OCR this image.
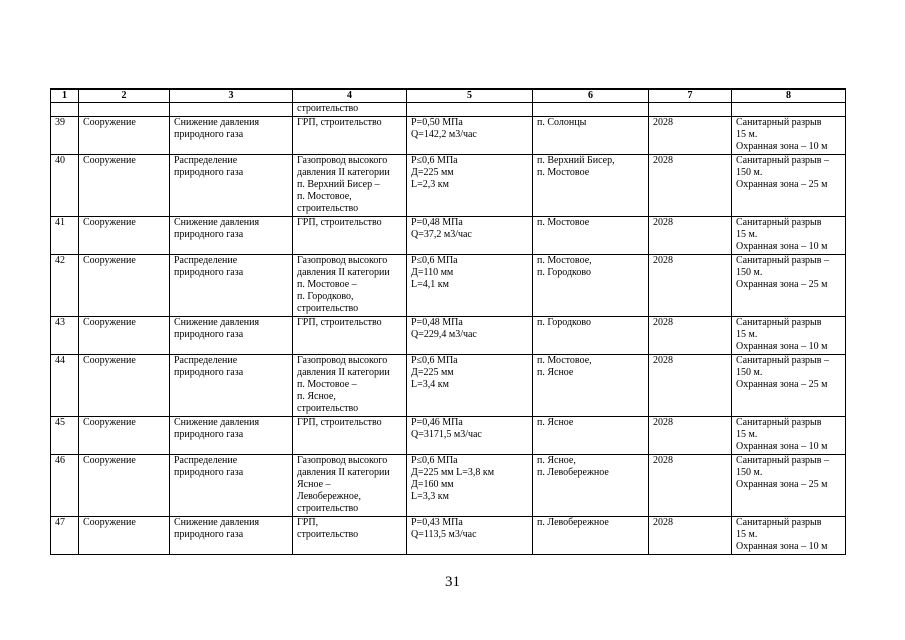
1	2	3	4	5	6	7	8

			строительство				

39	Сооружение	Снижение давления
природного газа	ГРП, строительство	Р=0,50 МПа
Q=142,2 м3/час	п. Солонцы	2028	Санитарный разрыв
15 м.
Охранная зона – 10 м

40	Сооружение	Распределение
природного газа	Газопровод высокого
давления II категории
п. Верхний Бисер –
п. Мостовое,
строительство	Р≤0,6 МПа
Д=225 мм
L=2,3 км	п. Верхний Бисер,
п. Мостовое	2028	Санитарный разрыв –
150 м.
Охранная зона – 25 м

41	Сооружение	Снижение давления
природного газа	ГРП, строительство	Р=0,48 МПа
Q=37,2 м3/час	п. Мостовое	2028	Санитарный разрыв
15 м.
Охранная зона – 10 м

42	Сооружение	Распределение
природного газа	Газопровод высокого
давления II категории
п. Мостовое –
п. Городково,
строительство	Р≤0,6 МПа
Д=110 мм
L=4,1 км	п. Мостовое,
п. Городково	2028	Санитарный разрыв –
150 м.
Охранная зона – 25 м

43	Сооружение	Снижение давления
природного газа	ГРП, строительство	Р=0,48 МПа
Q=229,4 м3/час	п. Городково	2028	Санитарный разрыв
15 м.
Охранная зона – 10 м

44	Сооружение	Распределение
природного газа	Газопровод высокого
давления II категории
п. Мостовое –
п. Ясное,
строительство	Р≤0,6 МПа
Д=225 мм
L=3,4 км	п. Мостовое,
п. Ясное	2028	Санитарный разрыв –
150 м.
Охранная зона – 25 м

45	Сооружение	Снижение давления
природного газа	ГРП, строительство	Р=0,46 МПа
Q=3171,5 м3/час	п. Ясное	2028	Санитарный разрыв
15 м.
Охранная зона – 10 м

46	Сооружение	Распределение
природного газа	Газопровод высокого
давления II категории
Ясное –
Левобережное,
строительство	Р≤0,6 МПа
Д=225 мм L=3,8 км
Д=160 мм
L=3,3 км	п. Ясное,
п. Левобережное	2028	Санитарный разрыв –
150 м.
Охранная зона – 25 м

47	Сооружение	Снижение давления
природного газа	ГРП,
строительство	Р=0,43 МПа
Q=113,5 м3/час	п. Левобережное	2028	Санитарный разрыв
15 м.
Охранная зона – 10 м
31
